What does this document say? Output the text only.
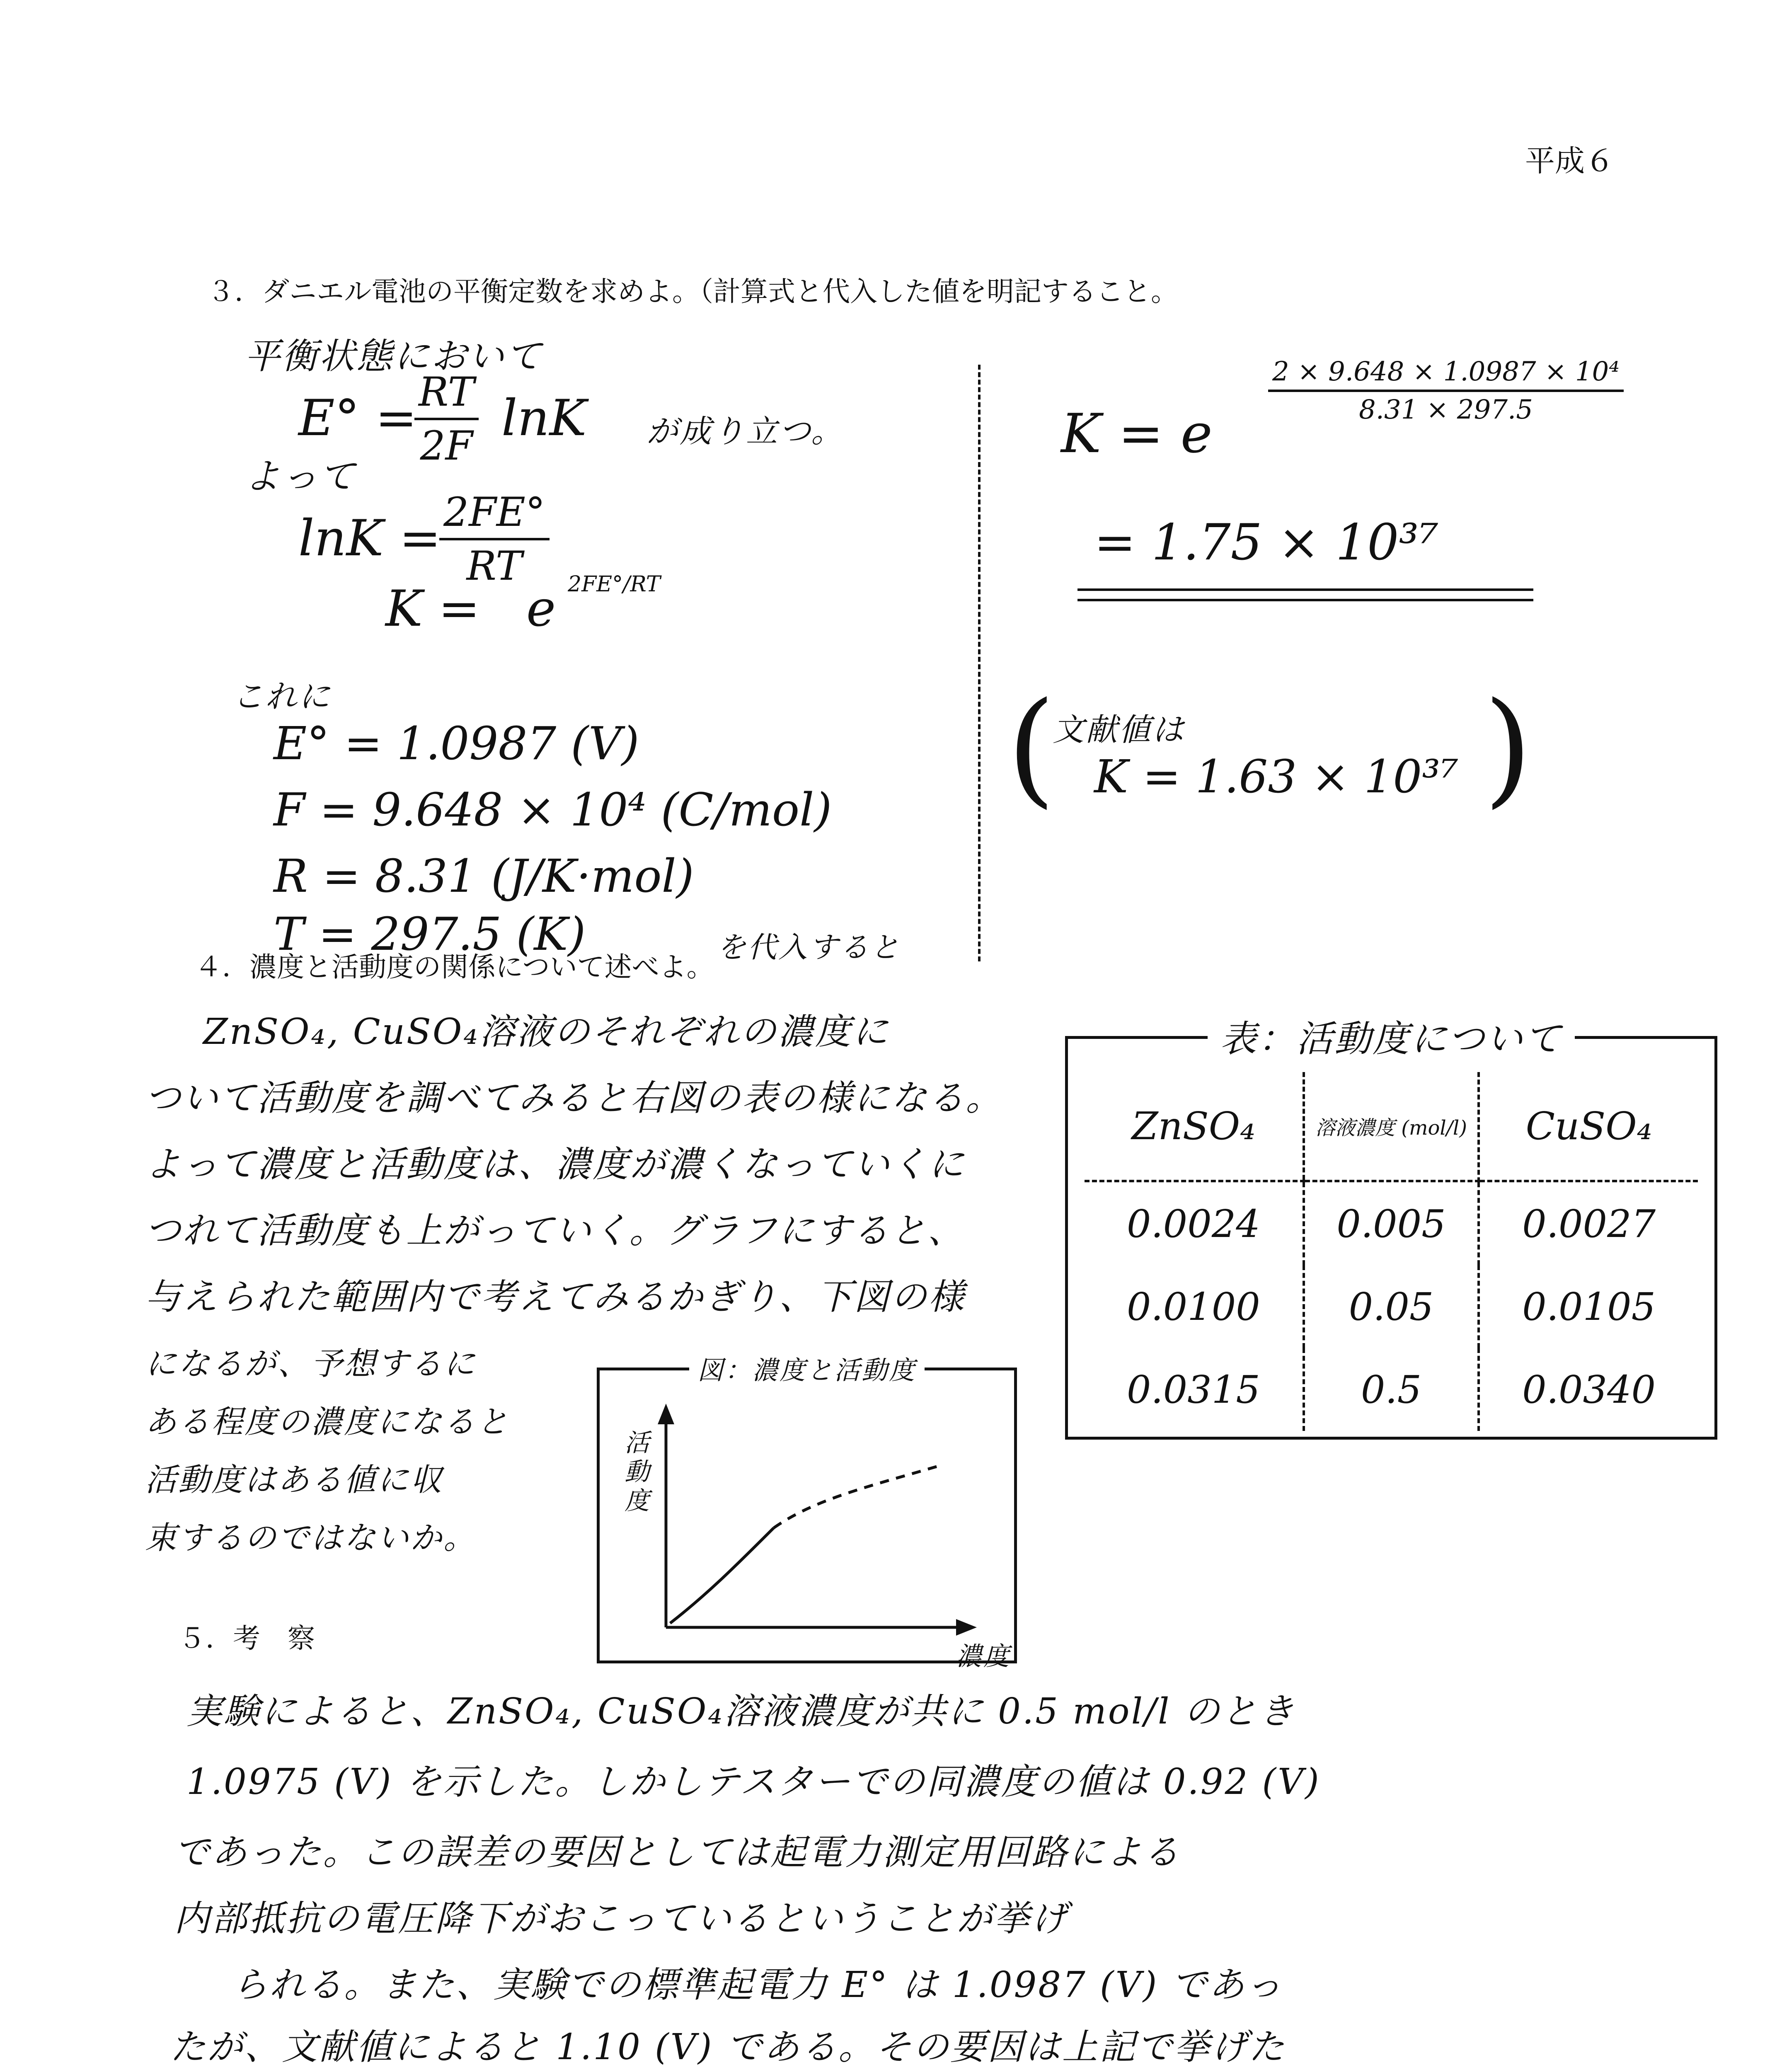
平成６
３．ダニエル電池の平衡定数を求めよ。（計算式と代入した値を明記すること。
平衡状態において
E° =
$\frac{RT}{2F}$ lnK が成り立つ。
よって
lnK =
$\frac{2FE^\circ}{RT}$
K = e 2FE°/RT
これに
E° = 1.0987 (V)
F = 9.648 × 10⁴ (C/mol)
R = 8.31 (J/K·mol)
T = 297.5 (K)	を代入すると
K = e
$\frac{\text{2 × 9.648 × 1.0987 × 10⁴}}{8.31 \times 297.5}$
= 1.75 × 10³⁷
(
文献値は
K = 1.63 × 10³⁷ )
４．濃度と活動度の関係について述べよ。
ZnSO₄, CuSO₄溶液のそれぞれの濃度に
ついて活動度を調べてみると右図の表の様になる。
よって濃度と活動度は、濃度が濃くなっていくに
つれて活動度も上がっていく。グラフにすると、
与えられた範囲内で考えてみるかぎり、下図の様
になるが、予想するに
ある程度の濃度になると
活動度はある値に収
束するのではないか。
表：活動度について
ZnSO₄	溶液濃度 (mol/l)	CuSO₄
0.0024	0.005	0.0027
0.0100	0.05	0.0105
0.0315	0.5	0.0340
図：濃度と活動度
活動度
濃度
５．考　察
実験によると、ZnSO₄, CuSO₄溶液濃度が共に 0.5 mol/l のとき
1.0975 (V) を示した。しかしテスターでの同濃度の値は 0.92 (V)
であった。この誤差の要因としては起電力測定用回路による
内部抵抗の電圧降下がおこっているということが挙げ
られる。また、実験での標準起電力 E° は 1.0987 (V) であっ
たが、文献値によると 1.10 (V) である。その要因は上記で挙げた
